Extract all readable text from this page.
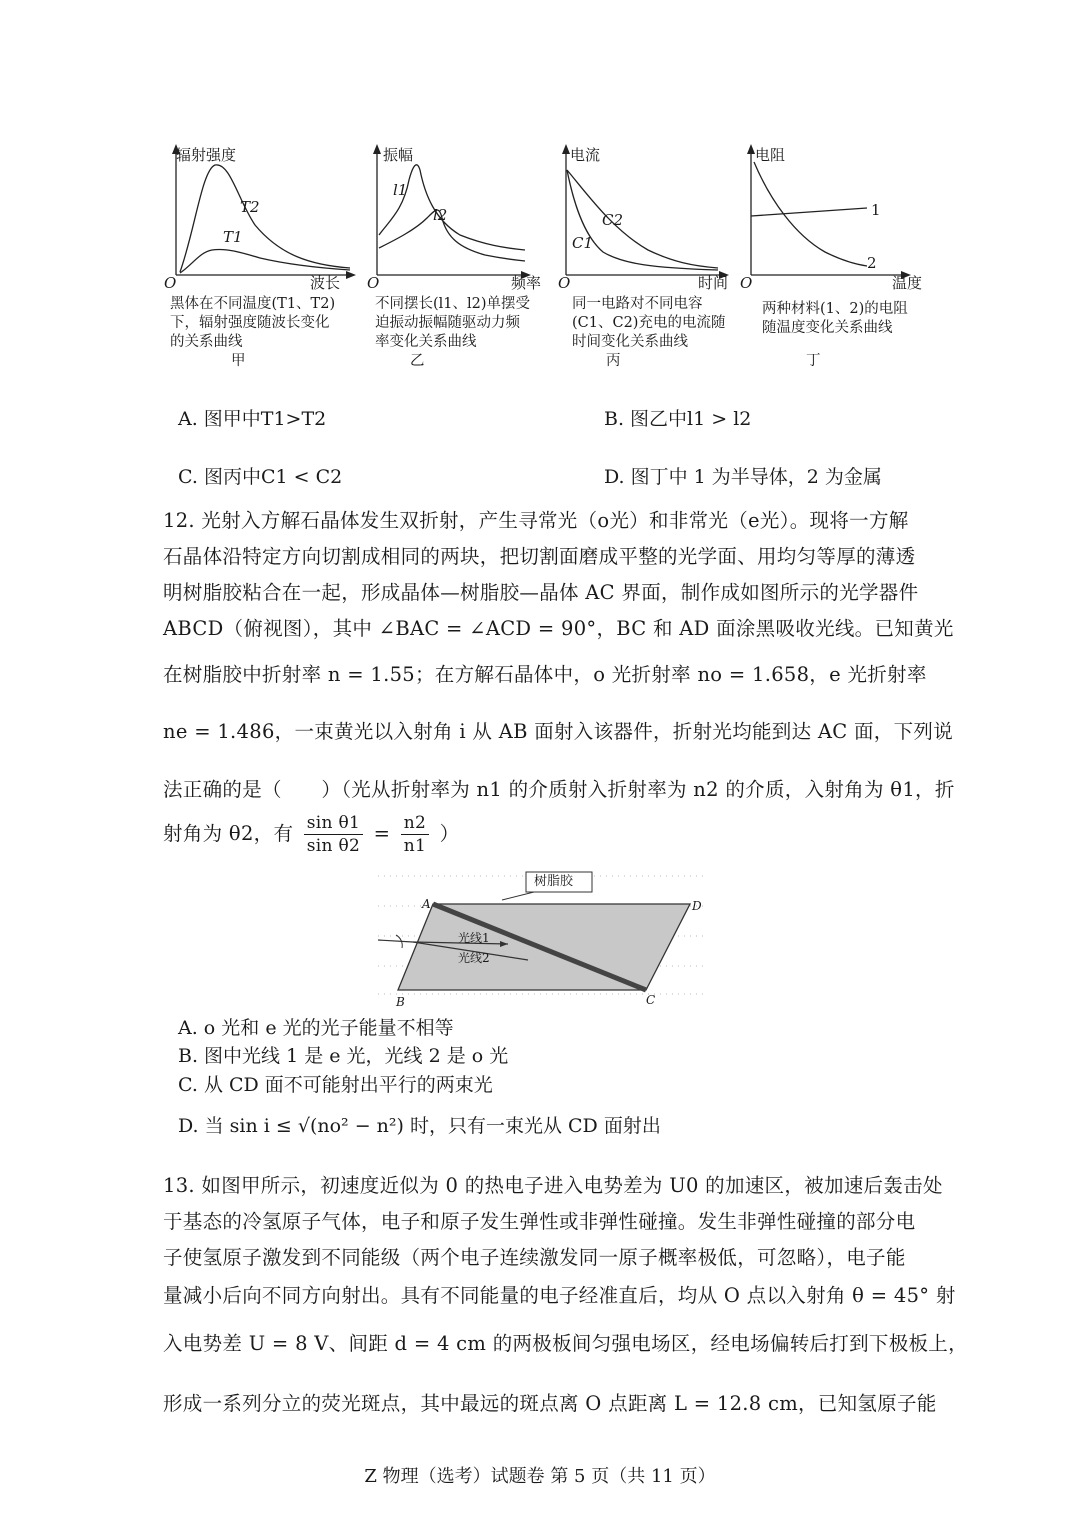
辐射强度
波长
O
T2
T1
黑体在不同温度(T1、T2)
下，辐射强度随波长变化
的关系曲线
甲
振幅
频率
O
l1
l2
不同摆长(l1、l2)单摆受
迫振动振幅随驱动力频
率变化关系曲线
乙
电流
时间
O
C2
C1
同一电路对不同电容
(C1、C2)充电的电流随
时间变化关系曲线
丙
电阻
温度
O
1
2
两种材料(1、2)的电阻
随温度变化关系曲线
丁
A. 图甲中T1>T2	B. 图乙中l1 > l2
C. 图丙中C1 < C2	D. 图丁中 1 为半导体，2 为金属
12. 光射入方解石晶体发生双折射，产生寻常光（o光）和非常光（e光）。现将一方解
石晶体沿特定方向切割成相同的两块，把切割面磨成平整的光学面、用均匀等厚的薄透
明树脂胶粘合在一起，形成晶体—树脂胶—晶体 AC 界面，制作成如图所示的光学器件
ABCD（俯视图），其中 ∠BAC = ∠ACD = 90°，BC 和 AD 面涂黑吸收光线。已知黄光
在树脂胶中折射率 n = 1.55；在方解石晶体中，o 光折射率 no = 1.658，e 光折射率
ne = 1.486，一束黄光以入射角 i 从 AB 面射入该器件，折射光均能到达 AC 面，下列说
法正确的是（　　）（光从折射率为 n1 的介质射入折射率为 n2 的介质，入射角为 θ1，折
射角为 θ2，有 $\frac{\text{sin θ1}}{\text{sin θ2}} = \frac{n2}{n1}$ ）
树脂胶
A	D
B	C
光线1
光线2
A. o 光和 e 光的光子能量不相等
B. 图中光线 1 是 e 光，光线 2 是 o 光
C. 从 CD 面不可能射出平行的两束光
D. 当 sin i ≤ √(no² − n²) 时，只有一束光从 CD 面射出
13. 如图甲所示，初速度近似为 0 的热电子进入电势差为 U0 的加速区，被加速后轰击处
于基态的冷氢原子气体，电子和原子发生弹性或非弹性碰撞。发生非弹性碰撞的部分电
子使氢原子激发到不同能级（两个电子连续激发同一原子概率极低，可忽略），电子能
量减小后向不同方向射出。具有不同能量的电子经准直后，均从 O 点以入射角 θ = 45° 射
入电势差 U = 8 V、间距 d = 4 cm 的两极板间匀强电场区，经电场偏转后打到下极板上，
形成一系列分立的荧光斑点，其中最远的斑点离 O 点距离 L = 12.8 cm，已知氢原子能
Z 物理（选考）试题卷 第 5 页（共 11 页）
